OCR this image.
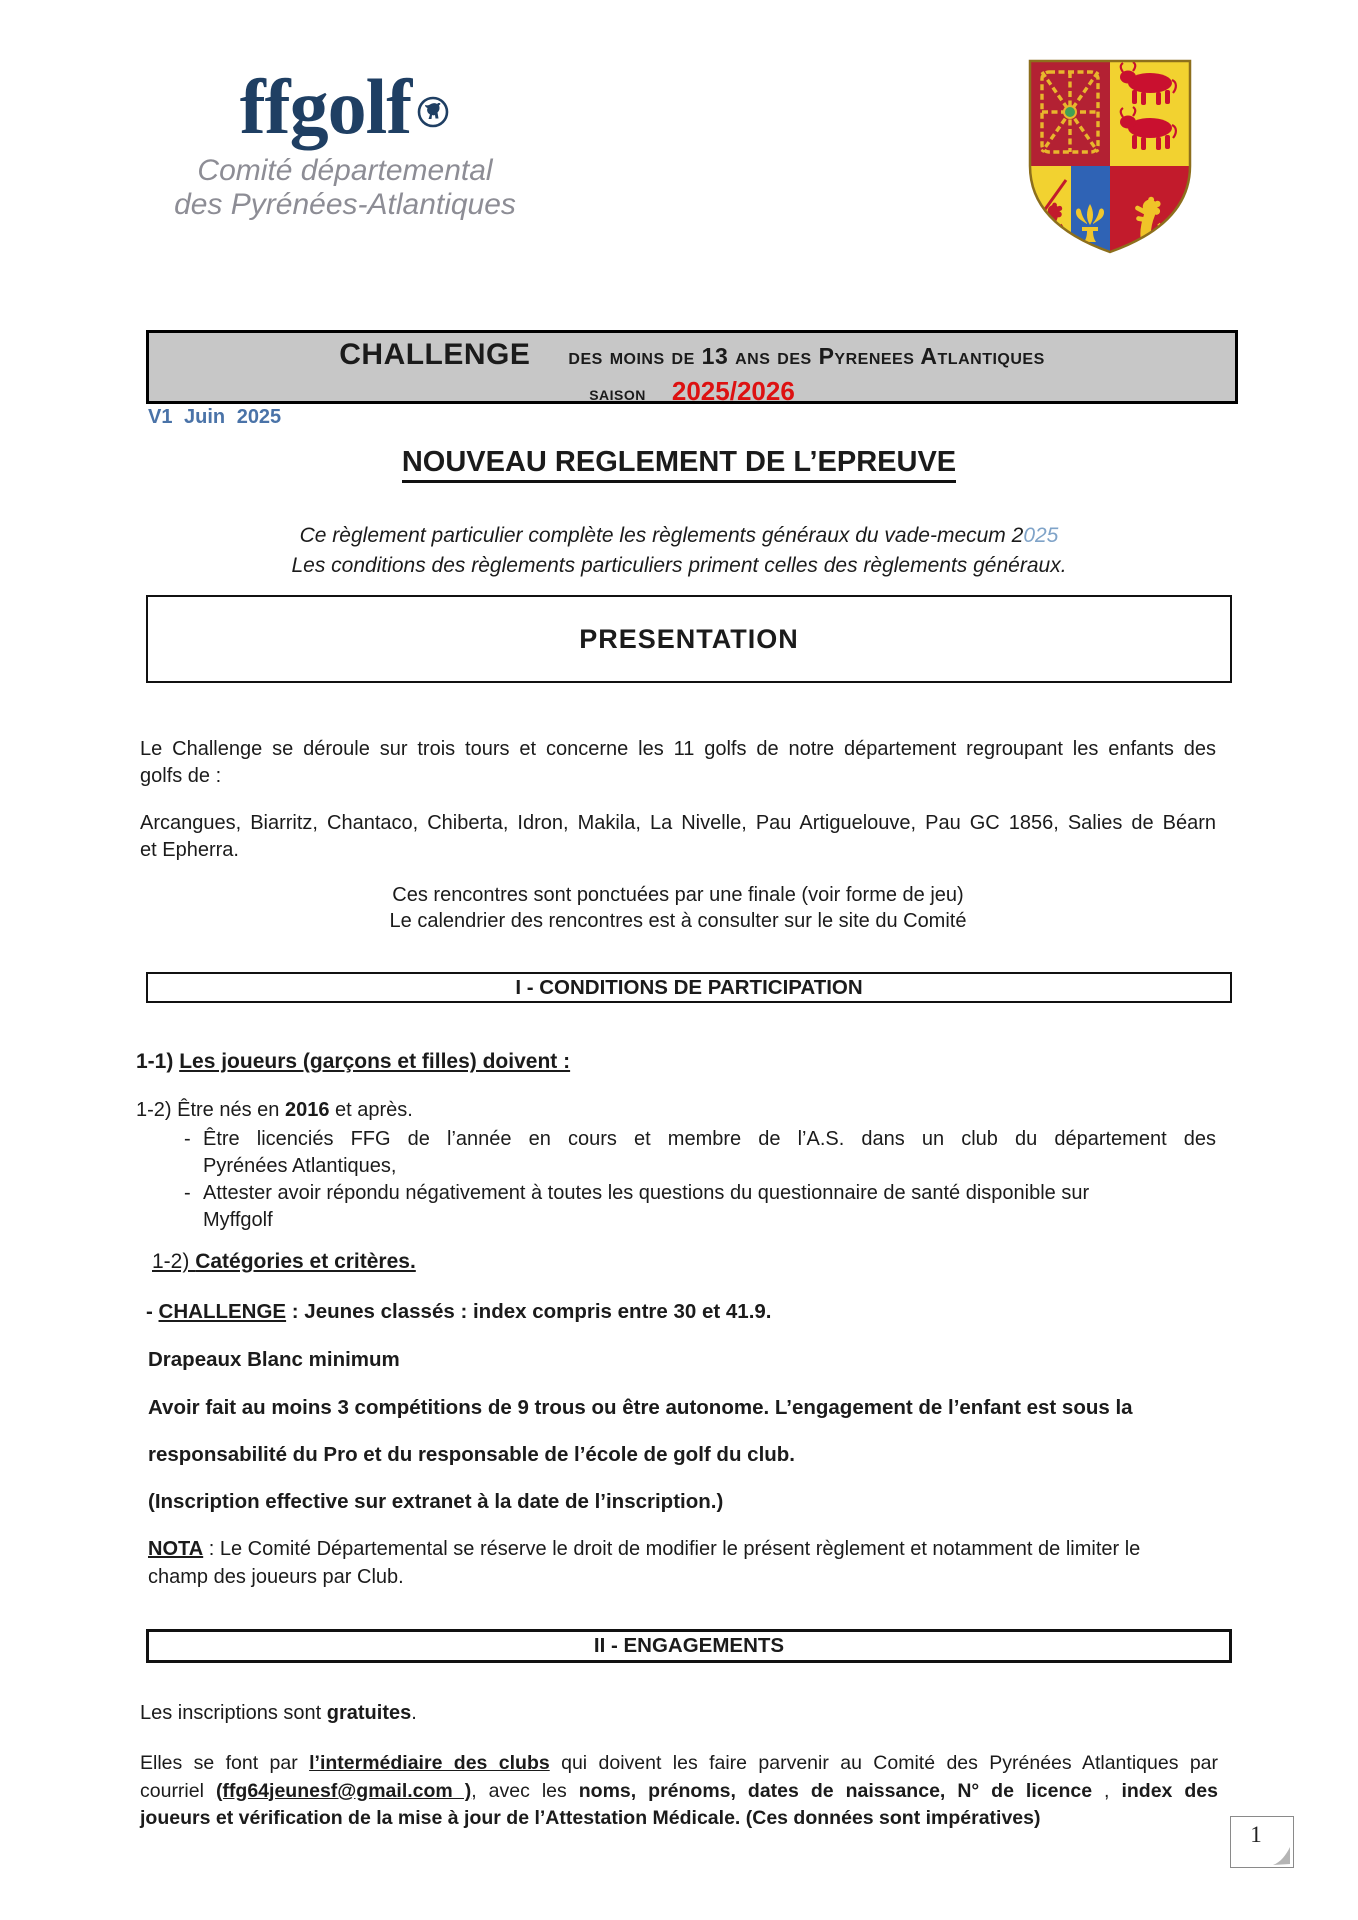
ffgolf
Comité départemental
des Pyrénées-Atlantiques
CHALLENGE des moins de 13 ans des Pyrenees Atlantiques
saison 2025/2026
V1 Juin 2025
NOUVEAU REGLEMENT DE L’EPREUVE
Ce règlement particulier complète les règlements généraux du vade-mecum 2025
Les conditions des règlements particuliers priment celles des règlements généraux.
PRESENTATION
Le Challenge se déroule sur trois tours et concerne les 11 golfs de notre département regroupant les enfants des
golfs de :
Arcangues, Biarritz, Chantaco, Chiberta, Idron, Makila, La Nivelle, Pau Artiguelouve, Pau GC 1856, Salies de Béarn
et Epherra.
Ces rencontres sont ponctuées par une finale (voir forme de jeu)
Le calendrier des rencontres est à consulter sur le site du Comité
I - CONDITIONS DE PARTICIPATION
1-1) Les joueurs (garçons et filles) doivent :
1-2) Être nés en 2016 et après.
- Être licenciés FFG de l’année en cours et membre de l’A.S. dans un club du département des
Pyrénées Atlantiques,
- Attester avoir répondu négativement à toutes les questions du questionnaire de santé disponible sur
Myffgolf
1-2) Catégories et critères.
- CHALLENGE : Jeunes classés : index compris entre 30 et 41.9.
Drapeaux Blanc minimum
Avoir fait au moins 3 compétitions de 9 trous ou être autonome. L’engagement de l’enfant est sous la
responsabilité du Pro et du responsable de l’école de golf du club.
(Inscription effective sur extranet à la date de l’inscription.)
NOTA : Le Comité Départemental se réserve le droit de modifier le présent règlement et notamment de limiter le
champ des joueurs par Club.
II - ENGAGEMENTS
Les inscriptions sont gratuites.
Elles se font par l’intermédiaire des clubs qui doivent les faire parvenir au Comité des Pyrénées Atlantiques par
courriel (ffg64jeunesf@gmail.com ), avec les noms, prénoms, dates de naissance, N° de licence , index des
joueurs et vérification de la mise à jour de l’Attestation Médicale. (Ces données sont impératives)
1
